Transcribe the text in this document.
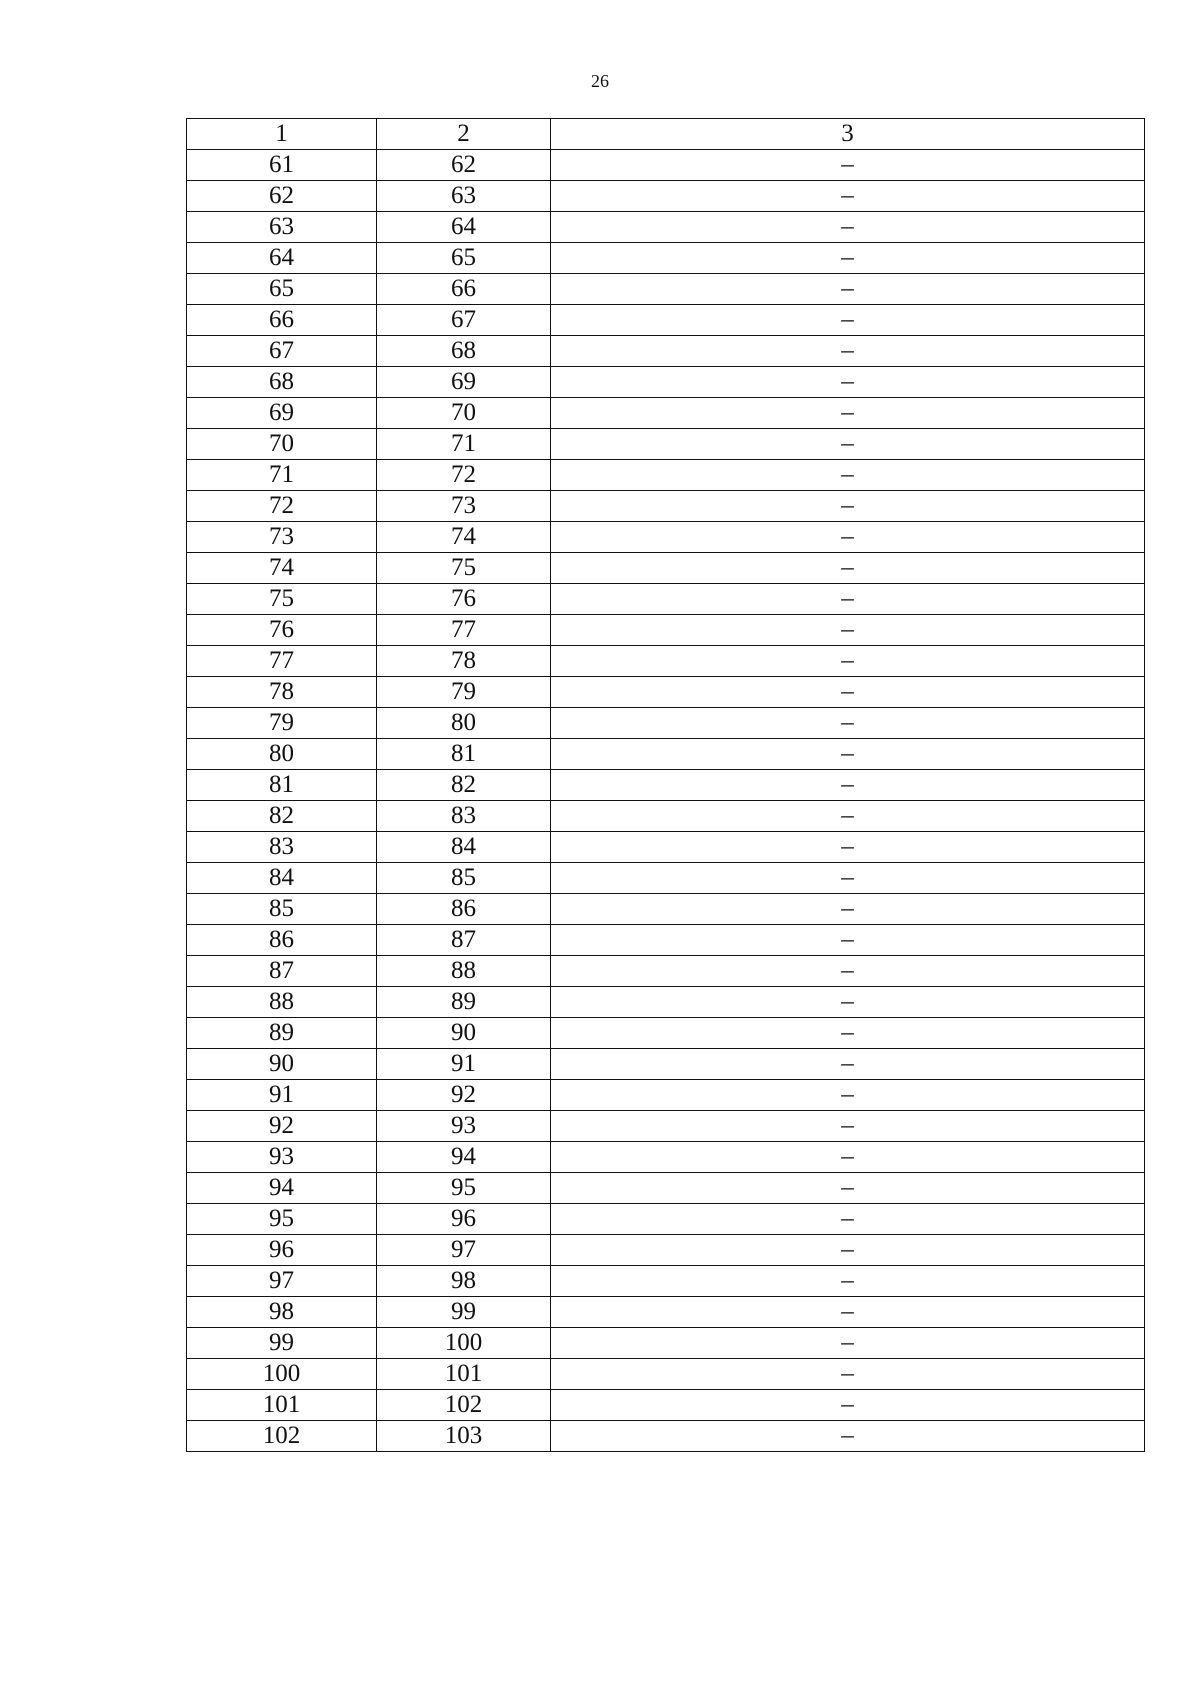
26
1	2	3
61	62	–
62	63	–
63	64	–
64	65	–
65	66	–
66	67	–
67	68	–
68	69	–
69	70	–
70	71	–
71	72	–
72	73	–
73	74	–
74	75	–
75	76	–
76	77	–
77	78	–
78	79	–
79	80	–
80	81	–
81	82	–
82	83	–
83	84	–
84	85	–
85	86	–
86	87	–
87	88	–
88	89	–
89	90	–
90	91	–
91	92	–
92	93	–
93	94	–
94	95	–
95	96	–
96	97	–
97	98	–
98	99	–
99	100	–
100	101	–
101	102	–
102	103	–
